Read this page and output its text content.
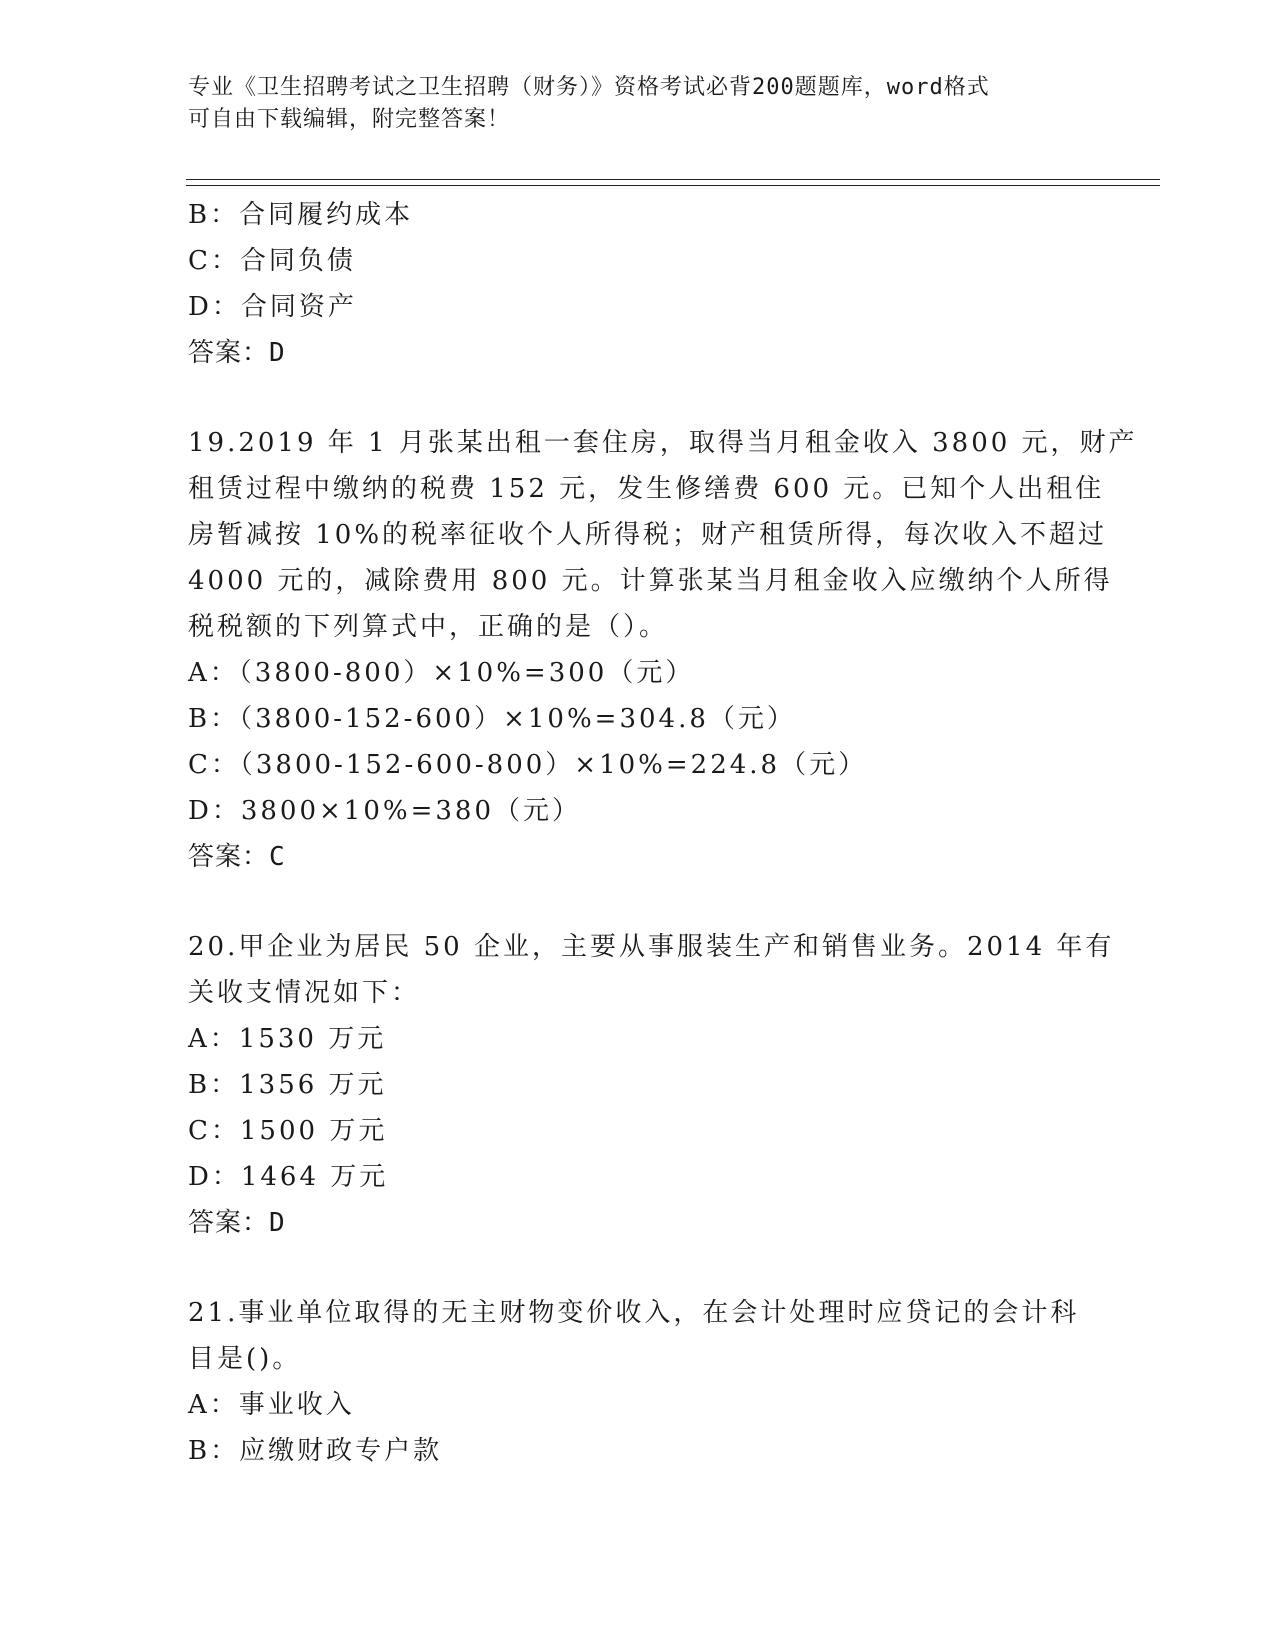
专业《卫生招聘考试之卫生招聘（财务）》资格考试必背200题题库，word格式
可自由下载编辑，附完整答案！
B：合同履约成本
C：合同负债
D：合同资产
答案：D
19.2019 年 1 月张某出租一套住房，取得当月租金收入 3800 元，财产
租赁过程中缴纳的税费 152 元，发生修缮费 600 元。已知个人出租住
房暂减按 10%的税率征收个人所得税；财产租赁所得，每次收入不超过
4000 元的，减除费用 800 元。计算张某当月租金收入应缴纳个人所得
税税额的下列算式中，正确的是（）。
A：（3800-800）×10%=300（元）
B：（3800-152-600）×10%=304.8（元）
C：（3800-152-600-800）×10%=224.8（元）
D：3800×10%=380（元）
答案：C
20.甲企业为居民 50 企业，主要从事服装生产和销售业务。2014 年有
关收支情况如下：
A：1530 万元
B：1356 万元
C：1500 万元
D：1464 万元
答案：D
21.事业单位取得的无主财物变价收入，在会计处理时应贷记的会计科
目是()。
A：事业收入
B：应缴财政专户款
